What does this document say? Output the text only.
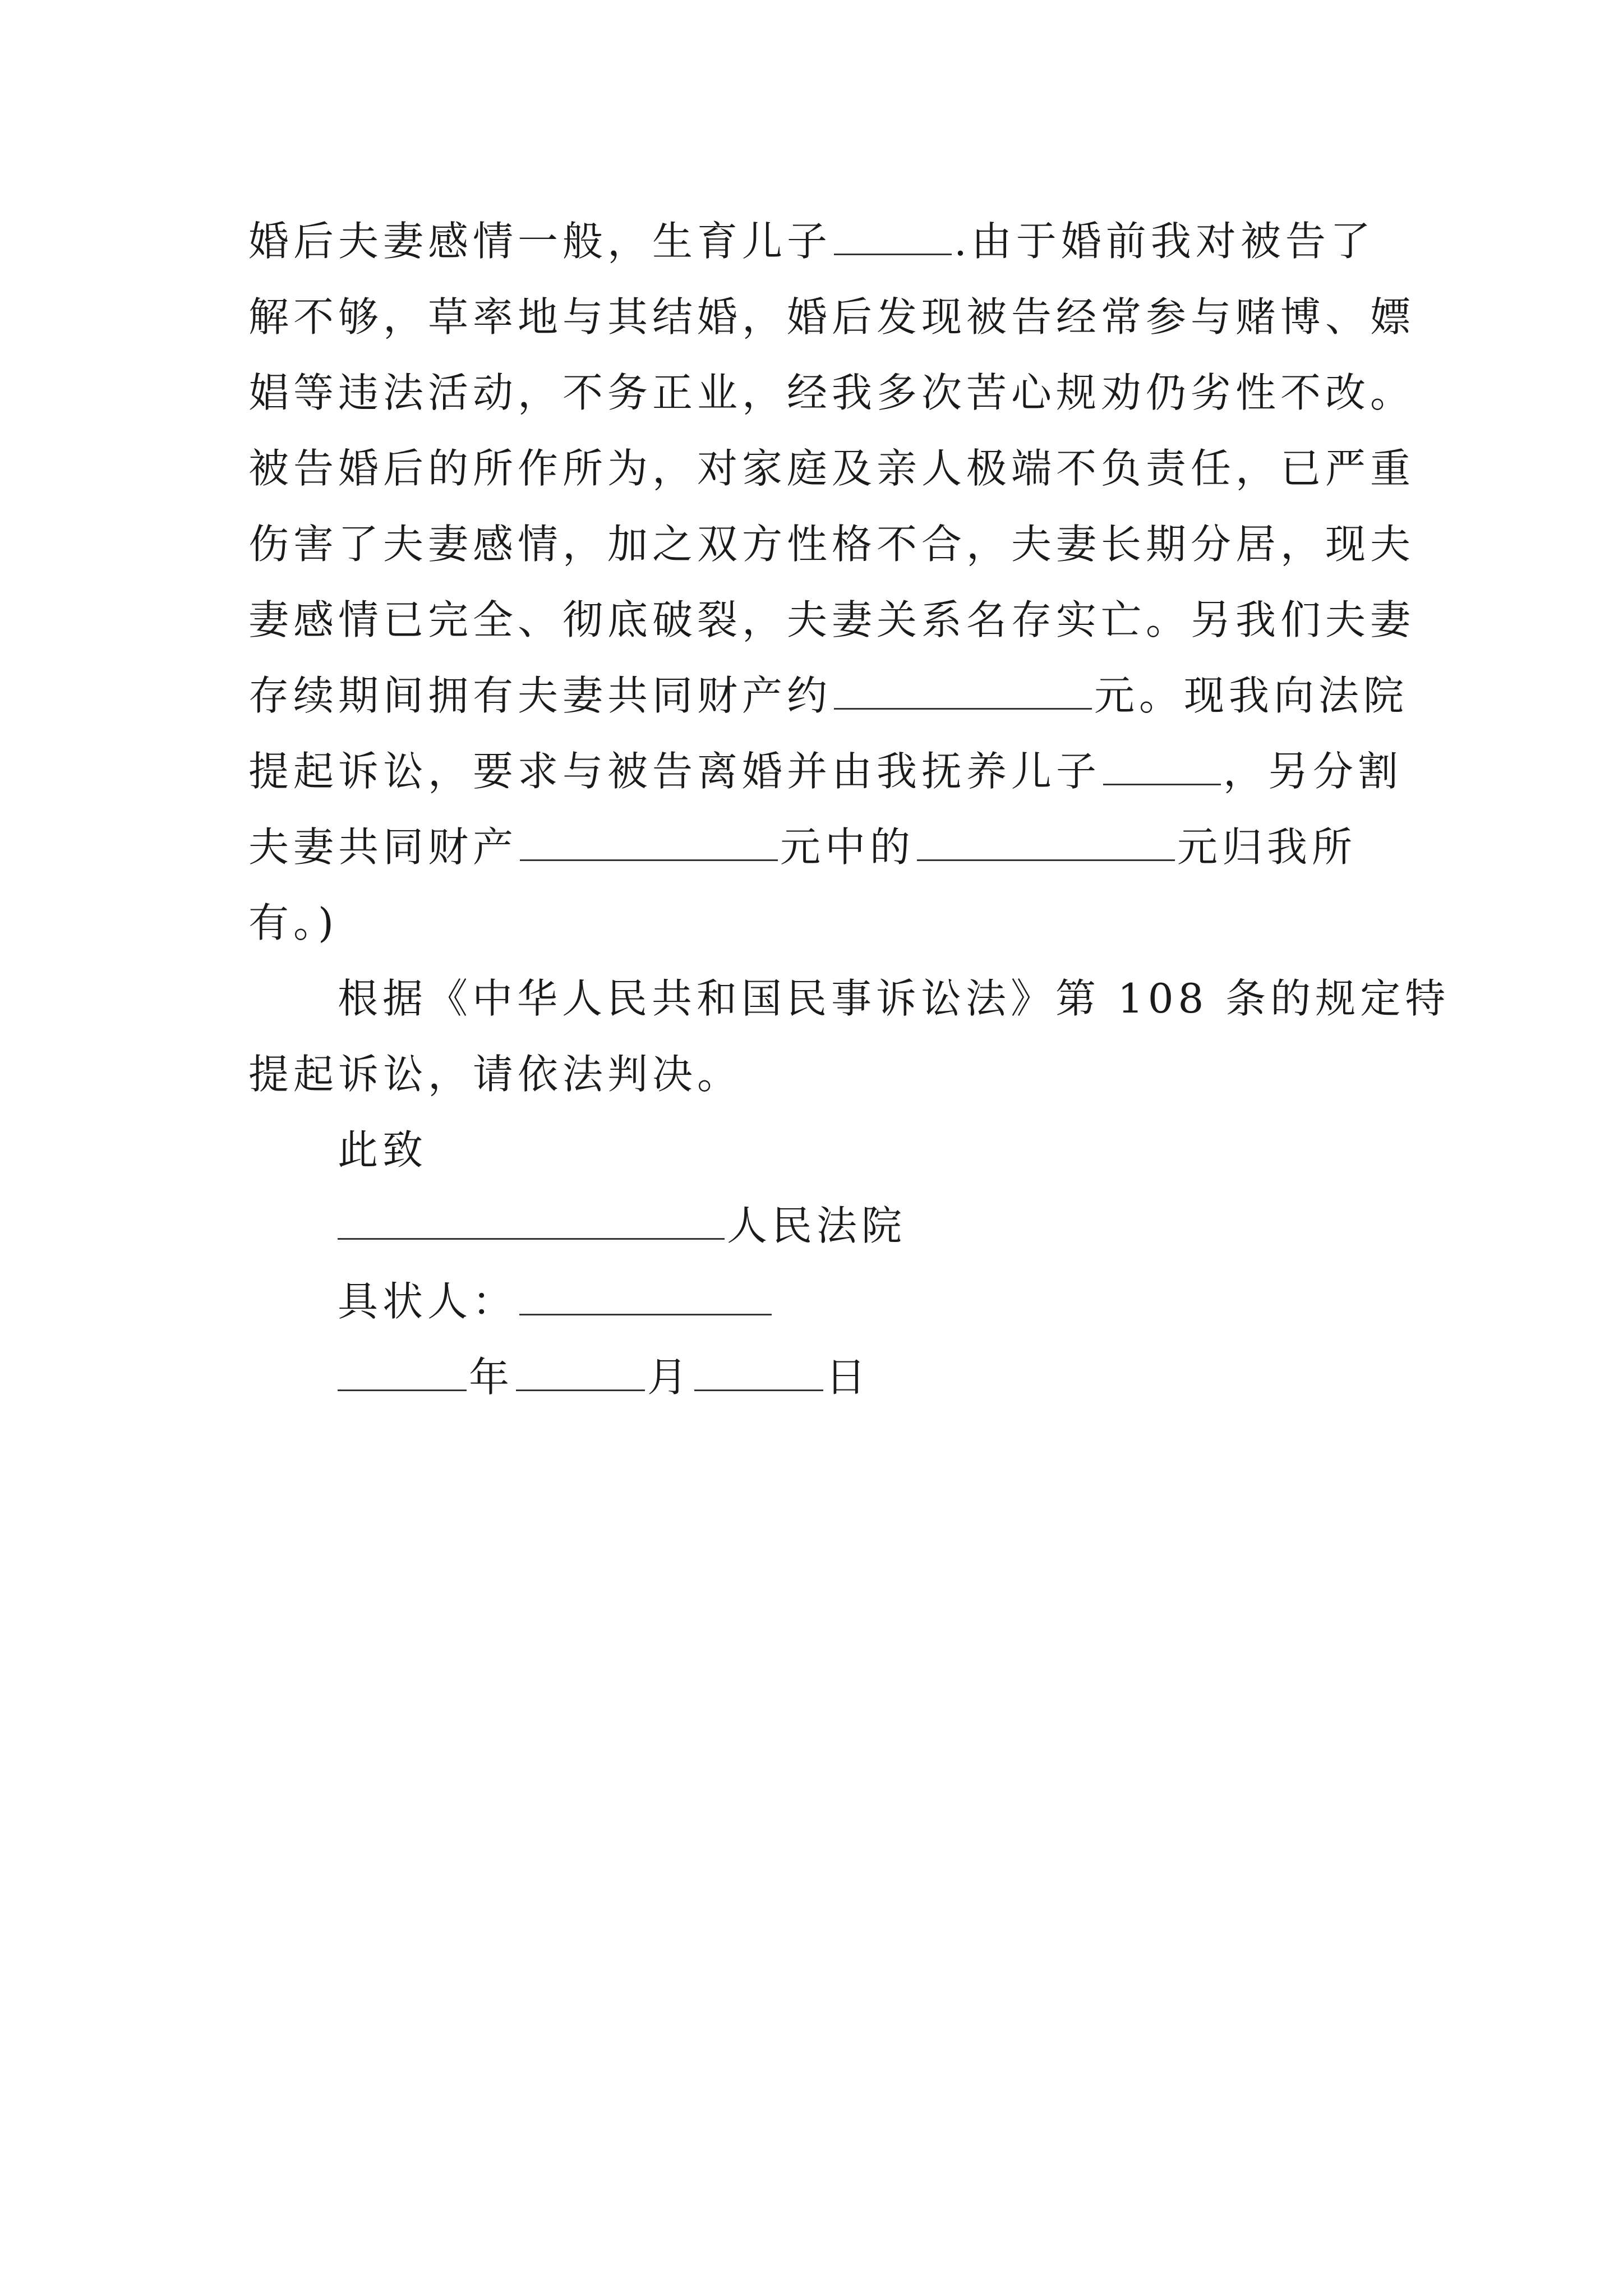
婚后夫妻感情一般，生育儿子	.由于婚前我对被告了
解不够，草率地与其结婚，婚后发现被告经常参与赌博、嫖
娼等违法活动，不务正业，经我多次苦心规劝仍劣性不改。
被告婚后的所作所为，对家庭及亲人极端不负责任，已严重
伤害了夫妻感情，加之双方性格不合，夫妻长期分居，现夫
妻感情已完全、彻底破裂，夫妻关系名存实亡。另我们夫妻
存续期间拥有夫妻共同财产约	元。现我向法院
提起诉讼，要求与被告离婚并由我抚养儿子	，另分割
夫妻共同财产	元中的	元归我所
有。)
根据《中华人民共和国民事诉讼法》第 108 条的规定特
提起诉讼，请依法判决。
此致
人民法院
具状人：
年	月	日
